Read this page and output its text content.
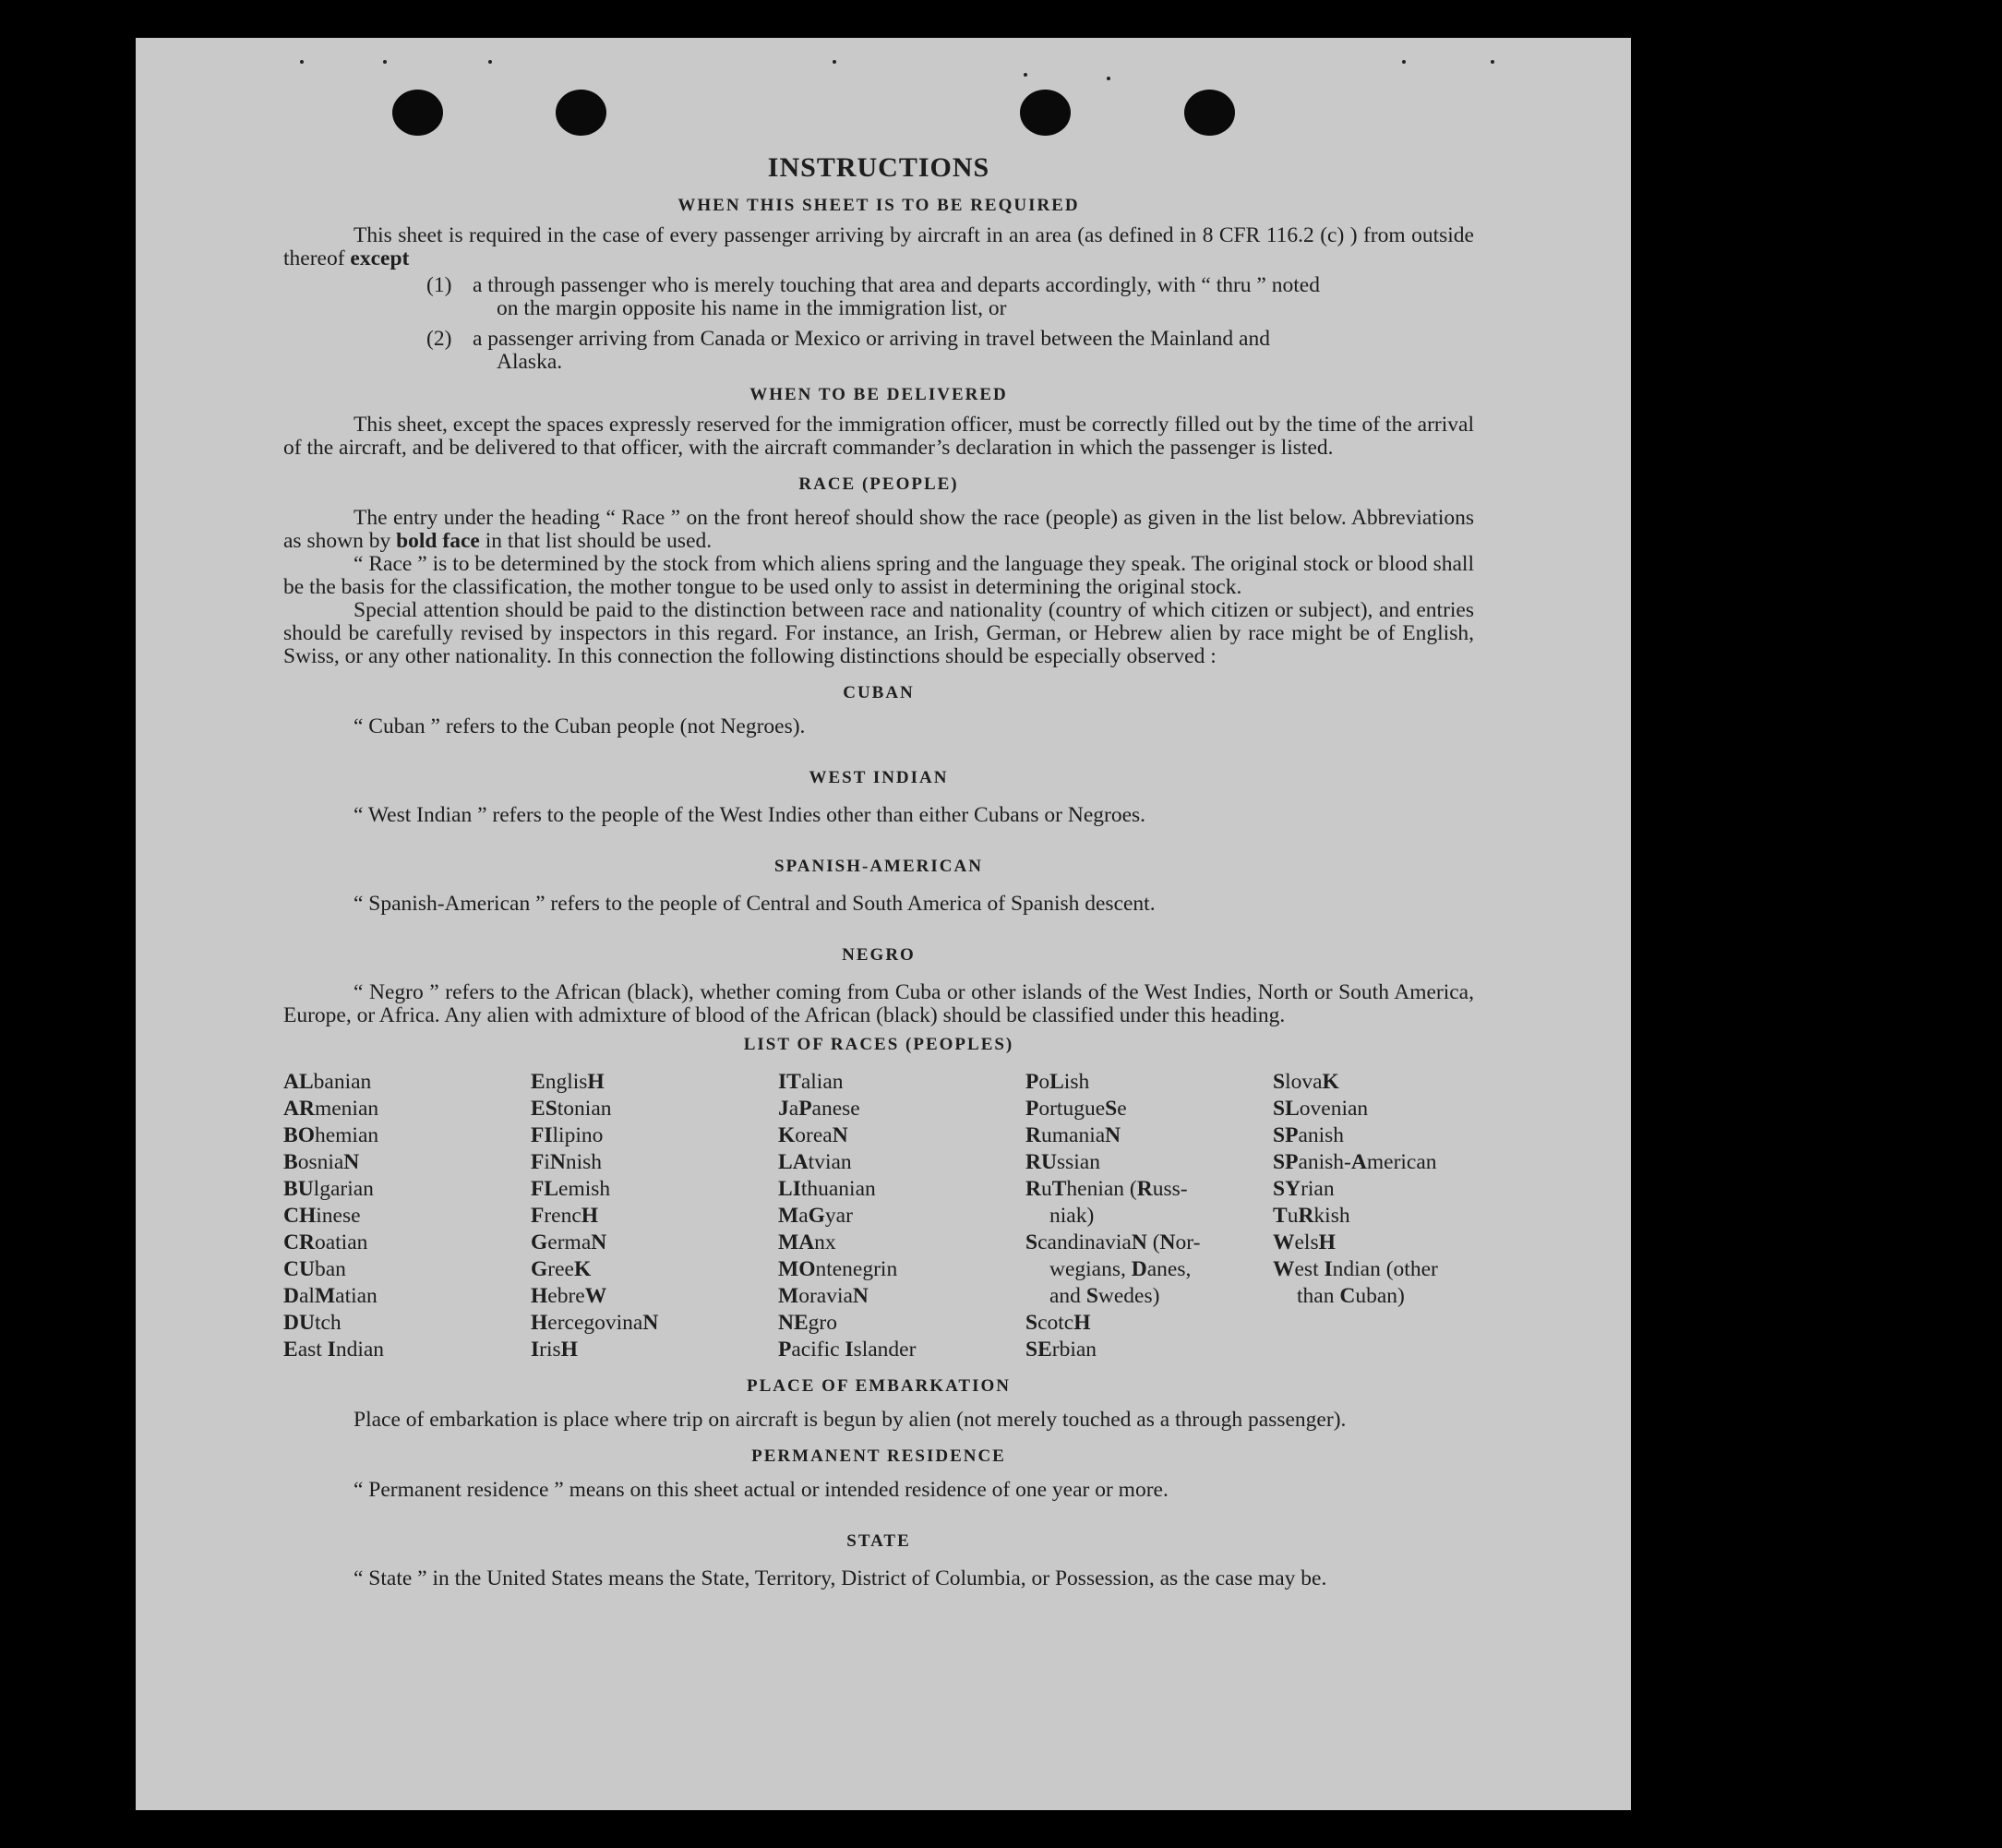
INSTRUCTIONS
WHEN THIS SHEET IS TO BE REQUIRED

This sheet is required in the case of every passenger arriving by aircraft in an area (as defined in 8 CFR 116.2 (c) ) from outside thereof except

(1) a through passenger who is merely touching that area and departs accordingly, with “ thru ” noted
on the margin opposite his name in the immigration list, or
(2) a passenger arriving from Canada or Mexico or arriving in travel between the Mainland and
Alaska.
WHEN TO BE DELIVERED

This sheet, except the spaces expressly reserved for the immigration officer, must be correctly filled out by the time of the arrival of the aircraft, and be delivered to that officer, with the aircraft commander’s declaration in which the passenger is listed.

RACE (PEOPLE)

The entry under the heading “ Race ” on the front hereof should show the race (people) as given in the list below. Abbreviations as shown by bold face in that list should be used.

“ Race ” is to be determined by the stock from which aliens spring and the language they speak. The original stock or blood shall be the basis for the classification, the mother tongue to be used only to assist in determining the original stock.

Special attention should be paid to the distinction between race and nationality (country of which citizen or subject), and entries should be carefully revised by inspectors in this regard. For instance, an Irish, German, or Hebrew alien by race might be of English, Swiss, or any other nationality. In this connection the following distinctions should be especially observed :

CUBAN

“ Cuban ” refers to the Cuban people (not Negroes).

WEST INDIAN

“ West Indian ” refers to the people of the West Indies other than either Cubans or Negroes.

SPANISH-AMERICAN

“ Spanish-American ” refers to the people of Central and South America of Spanish descent.

NEGRO

“ Negro ” refers to the African (black), whether coming from Cuba or other islands of the West Indies, North or South America, Europe, or Africa. Any alien with admixture of blood of the African (black) should be classified under this heading.

LIST OF RACES (PEOPLES)
ALbanian
ARmenian
BOhemian
BosniaN
BUlgarian
CHinese
CRoatian
CUban
DalMatian
DUtch
East Indian
EnglisH
EStonian
FIlipino
FiNnish
FLemish
FrencH
GermaN
GreeK
HebreW
HercegovinaN
IrisH
ITalian
JaPanese
KoreaN
LAtvian
LIthuanian
MaGyar
MAnx
MOntenegrin
MoraviaN
NEgro
Pacific Islander
PoLish
PortugueSe
RumaniaN
RUssian
RuThenian (Russ-
niak)
ScandinaviaN (Nor-
wegians, Danes,
and Swedes)
ScotcH
SErbian
SlovaK
SLovenian
SPanish
SPanish-American
SYrian
TuRkish
WelsH
West Indian (other
than Cuban)
PLACE OF EMBARKATION

Place of embarkation is place where trip on aircraft is begun by alien (not merely touched as a through passenger).

PERMANENT RESIDENCE

“ Permanent residence ” means on this sheet actual or intended residence of one year or more.

STATE

“ State ” in the United States means the State, Territory, District of Columbia, or Possession, as the case may be.
